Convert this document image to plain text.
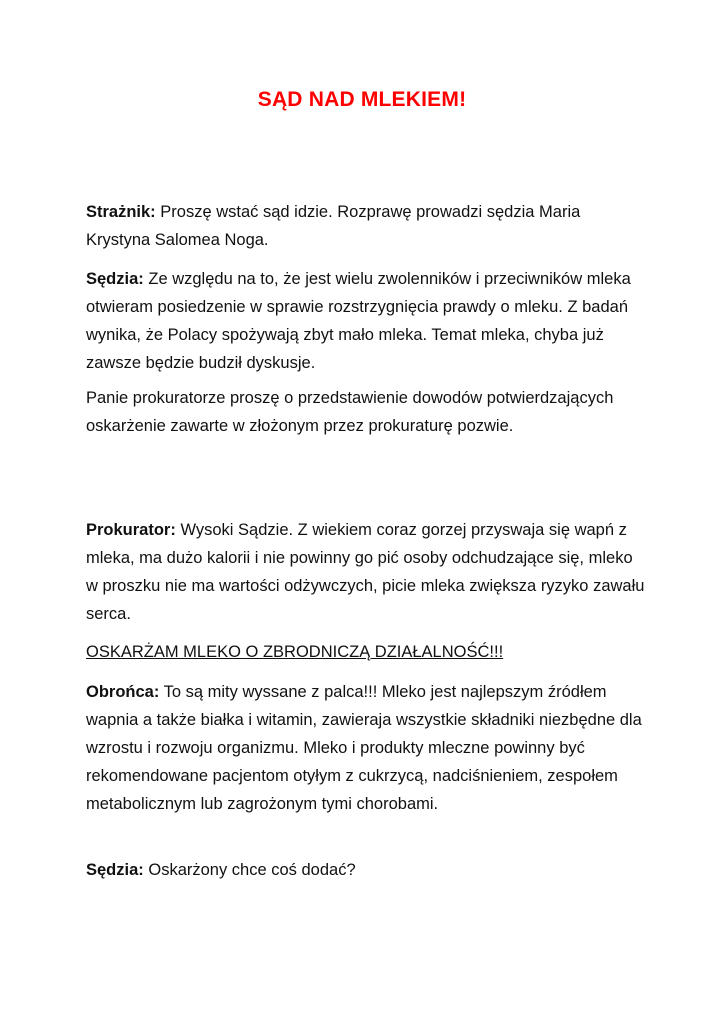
SĄD NAD MLEKIEM!

Strażnik: Proszę wstać sąd idzie. Rozprawę prowadzi sędzia Maria Krystyna Salomea Noga.

Sędzia: Ze względu na to, że jest wielu zwolenników i przeciwników mleka otwieram posiedzenie w sprawie rozstrzygnięcia prawdy o mleku. Z badań wynika, że Polacy spożywają zbyt mało mleka. Temat mleka, chyba już zawsze będzie budził dyskusje.

Panie prokuratorze proszę o przedstawienie dowodów potwierdzających oskarżenie zawarte w złożonym przez prokuraturę pozwie.

Prokurator: Wysoki Sądzie. Z wiekiem coraz gorzej przyswaja się wapń z mleka, ma dużo kalorii i nie powinny go pić osoby odchudzające się, mleko w proszku nie ma wartości odżywczych, picie mleka zwiększa ryzyko zawału serca.

OSKARŻAM MLEKO O ZBRODNICZĄ DZIAŁALNOŚĆ!!!

Obrońca: To są mity wyssane z palca!!! Mleko jest najlepszym źródłem wapnia a także białka i witamin, zawieraja wszystkie składniki niezbędne dla wzrostu i rozwoju organizmu. Mleko i produkty mleczne powinny być rekomendowane pacjentom otyłym z cukrzycą, nadciśnieniem, zespołem metabolicznym lub zagrożonym tymi chorobami.

Sędzia: Oskarżony chce coś dodać?
